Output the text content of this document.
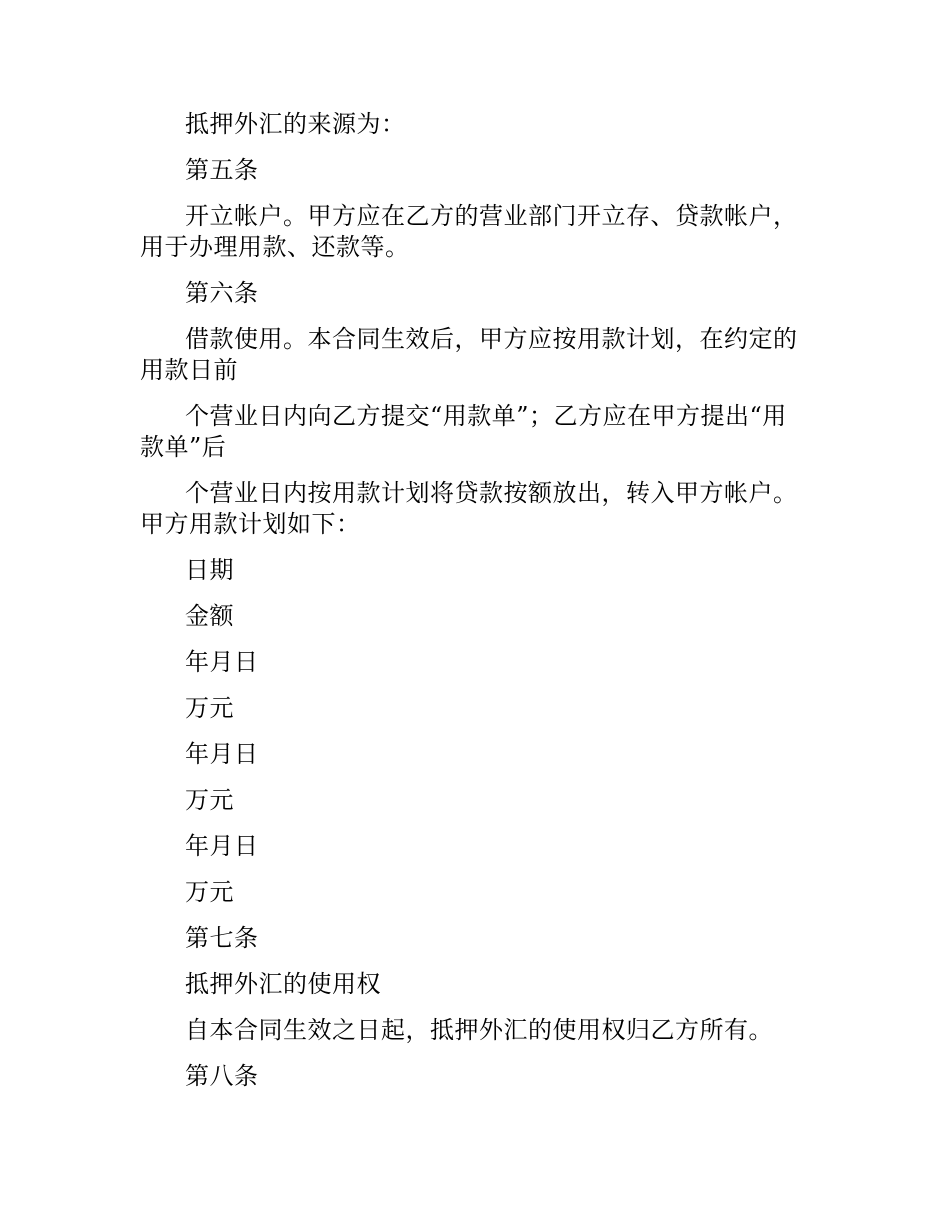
抵押外汇的来源为：

第五条

开立帐户。甲方应在乙方的营业部门开立存、贷款帐户，用于办理用款、还款等。

第六条

借款使用。本合同生效后，甲方应按用款计划，在约定的用款日前

个营业日内向乙方提交“用款单”；乙方应在甲方提出“用款单”后

个营业日内按用款计划将贷款按额放出，转入甲方帐户。甲方用款计划如下：

日期

金额

年月日

万元

年月日

万元

年月日

万元

第七条

抵押外汇的使用权

自本合同生效之日起，抵押外汇的使用权归乙方所有。

第八条
